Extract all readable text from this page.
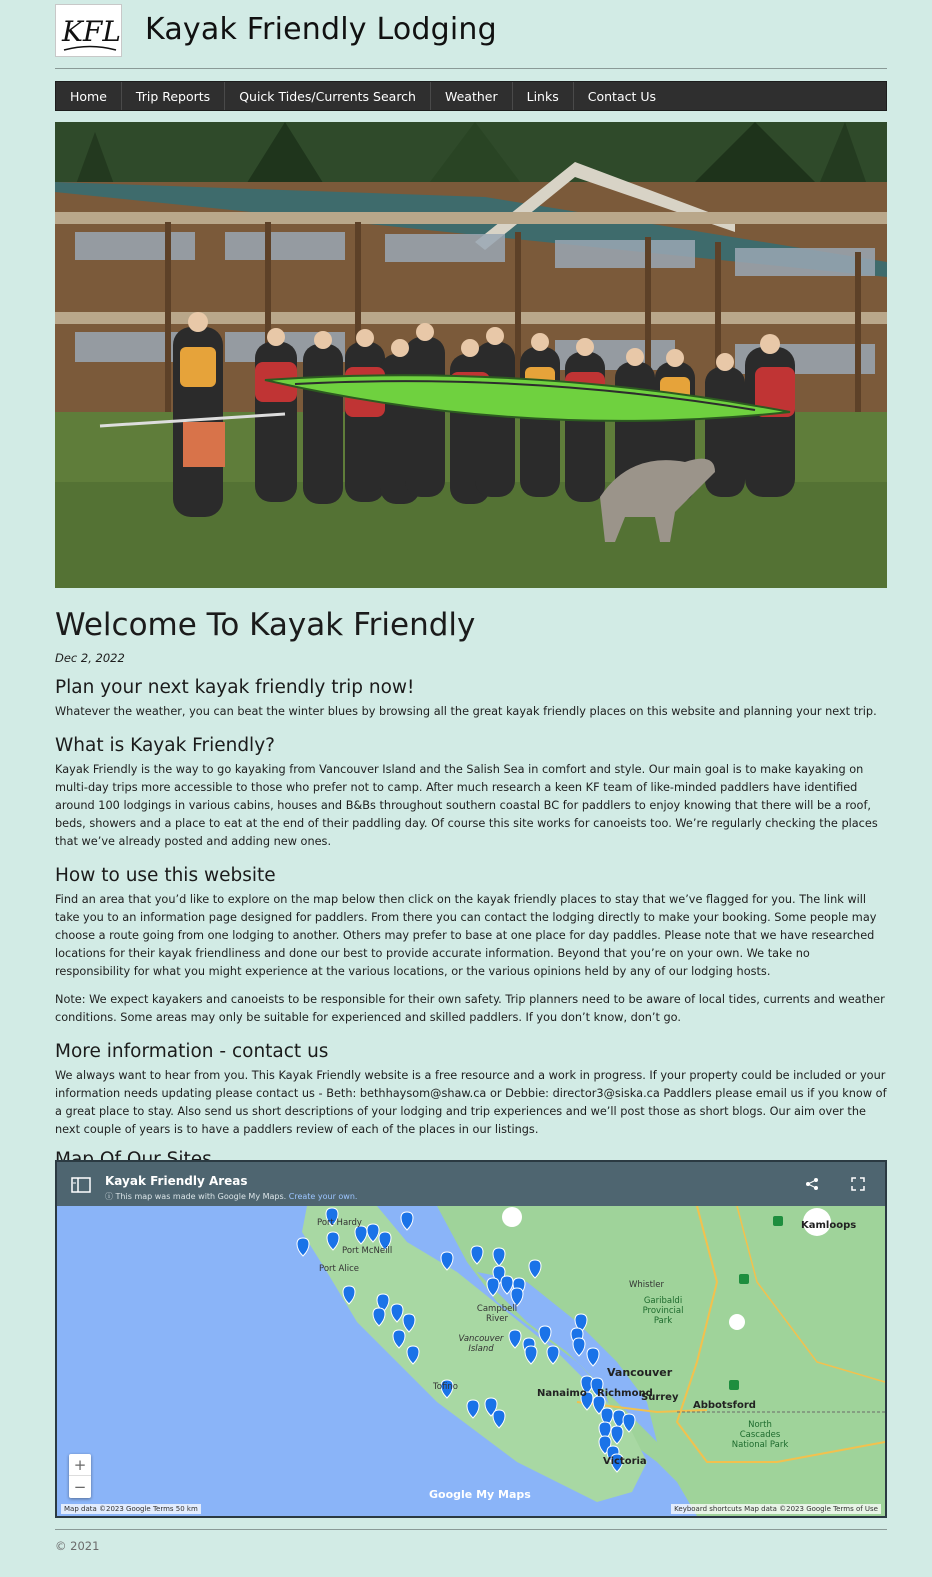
KFL Kayak Friendly Lodging
Home	Trip Reports	Quick Tides/Currents Search	Weather	Links	Contact Us
Welcome To Kayak Friendly
Dec 2, 2022
Plan your next kayak friendly trip now!

Whatever the weather, you can beat the winter blues by browsing all the great kayak friendly places on this website and planning your next trip.

What is Kayak Friendly?

Kayak Friendly is the way to go kayaking from Vancouver Island and the Salish Sea in comfort and style. Our main goal is to make kayaking on multi-day trips more accessible to those who prefer not to camp. After much research a keen KF team of like-minded paddlers have identified around 100 lodgings in various cabins, houses and B&Bs throughout southern coastal BC for paddlers to enjoy knowing that there will be a roof, beds, showers and a place to eat at the end of their paddling day. Of course this site works for canoeists too. We’re regularly checking the places that we’ve already posted and adding new ones.

How to use this website

Find an area that you’d like to explore on the map below then click on the kayak friendly places to stay that we’ve flagged for you. The link will take you to an information page designed for paddlers. From there you can contact the lodging directly to make your booking. Some people may choose a route going from one lodging to another. Others may prefer to base at one place for day paddles. Please note that we have researched locations for their kayak friendliness and done our best to provide accurate information. Beyond that you’re on your own. We take no responsibility for what you might experience at the various locations, or the various opinions held by any of our lodging hosts.

Note: We expect kayakers and canoeists to be responsible for their own safety. Trip planners need to be aware of local tides, currents and weather conditions. Some areas may only be suitable for experienced and skilled paddlers. If you don’t know, don’t go.

More information - contact us

We always want to hear from you. This Kayak Friendly website is a free resource and a work in progress. If your property could be included or your information needs updating please contact us - Beth: bethhaysom@shaw.ca or Debbie: director3@siska.ca Paddlers please email us if you know of a great place to stay. Also send us short descriptions of your lodging and trip experiences and we’ll post those as short blogs. Our aim over the next couple of years is to have a paddlers review of each of the places in our listings.

Port Hardy
Port McNeill
Port Alice
Campbell River
Vancouver Island
Tofino
Nanaimo
Vancouver
Surrey
Abbotsford
Victoria
Whistler
Kamloops
Garibaldi Provincial Park
North Cascades National Park
Richmond
Kayak Friendly Areas
ⓘ This map was made with Google My Maps. Create your own.
+
−	Google My Maps
Map data ©2023 Google Terms 50 km	Keyboard shortcuts Map data ©2023 Google Terms of Use
© 2021
